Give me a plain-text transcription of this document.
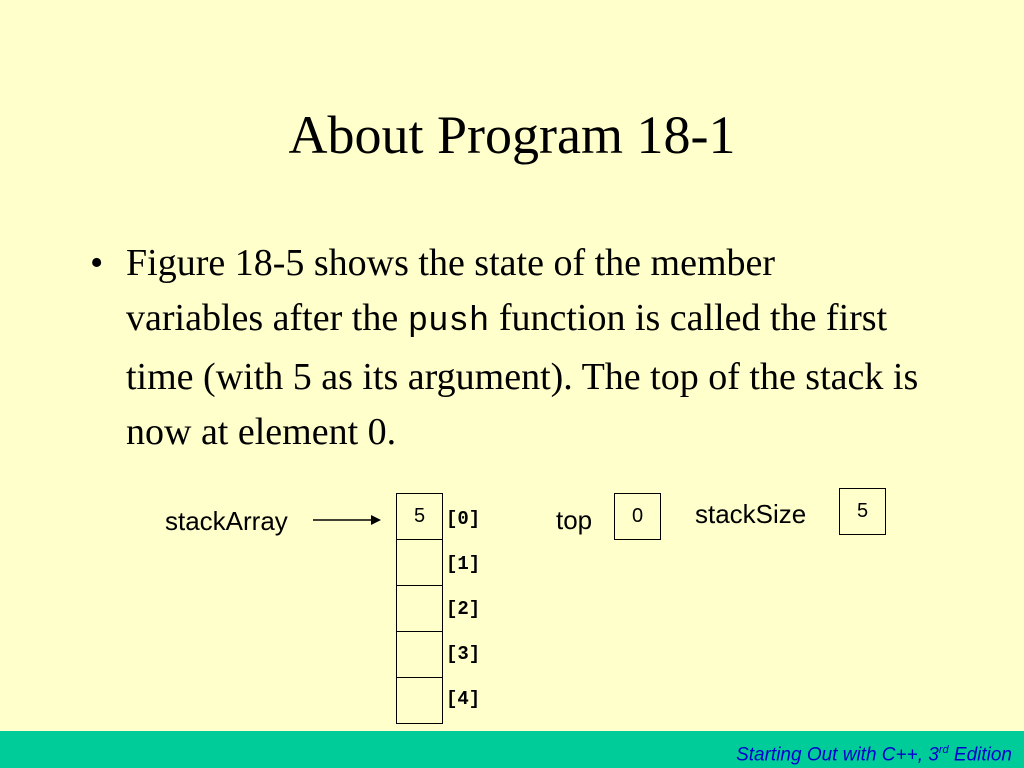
About Program 18-1
• Figure 18-5 shows the state of the member variables after the push function is called the first time (with 5 as its argument). The top of the stack is now at element 0.
stackArray	5	[0]
[1]
[2]
[3]
[4]
top	0	stackSize	5
Starting Out with C++, 3rd Edition
